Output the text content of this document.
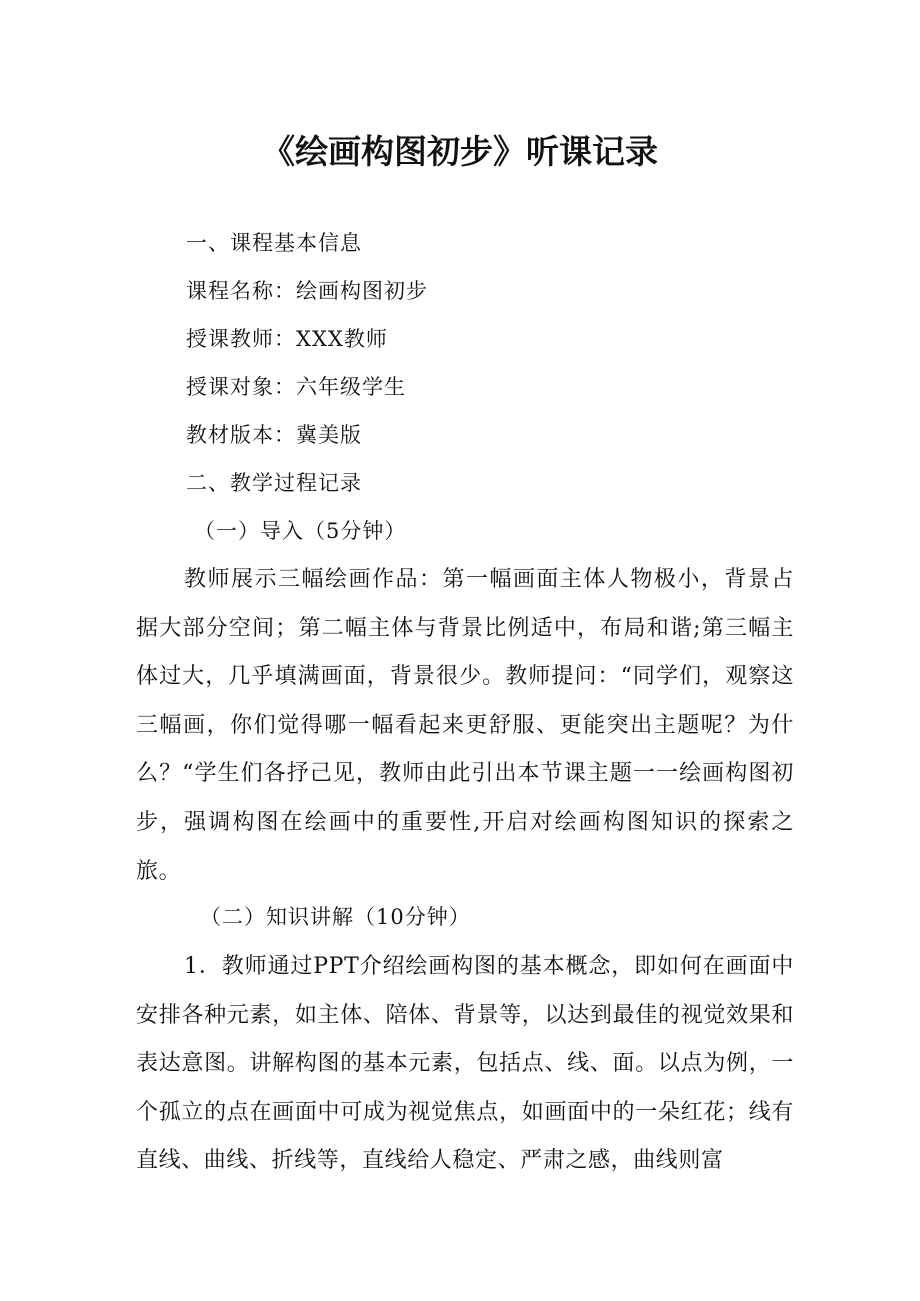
《绘画构图初步》听课记录
一、课程基本信息
课程名称：绘画构图初步
授课教师：XXX教师
授课对象：六年级学生
教材版本：冀美版
二、教学过程记录
（一）导入（5分钟）

教师展示三幅绘画作品：第一幅画面主体人物极小，背景占据大部分空间；第二幅主体与背景比例适中，布局和谐;第三幅主体过大，几乎填满画面，背景很少。教师提问：“同学们，观察这三幅画，你们觉得哪一幅看起来更舒服、更能突出主题呢？为什么？“学生们各抒己见，教师由此引出本节课主题一一绘画构图初步，强调构图在绘画中的重要性,开启对绘画构图知识的探索之旅。

（二）知识讲解（10分钟）

1．教师通过PPT介绍绘画构图的基本概念，即如何在画面中安排各种元素，如主体、陪体、背景等，以达到最佳的视觉效果和表达意图。讲解构图的基本元素，包括点、线、面。以点为例，一个孤立的点在画面中可成为视觉焦点，如画面中的一朵红花；线有直线、曲线、折线等，直线给人稳定、严肃之感，曲线则富
